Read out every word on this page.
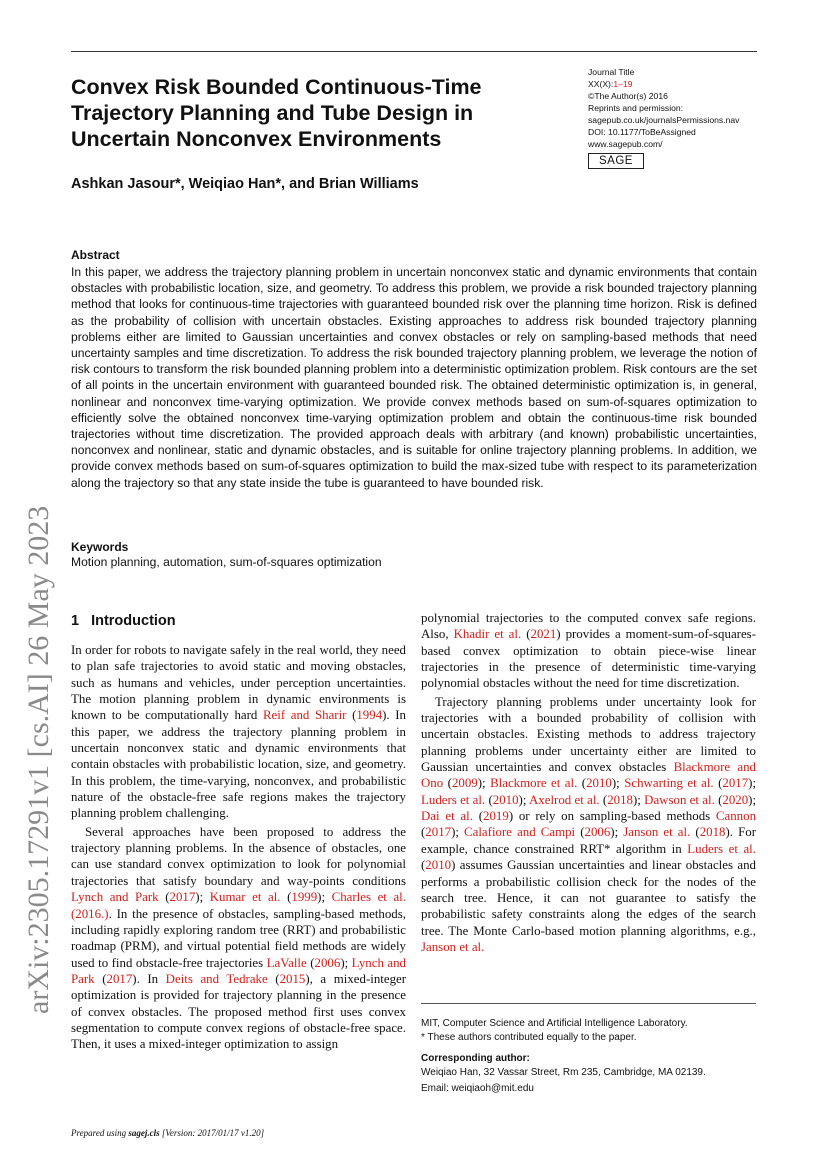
arXiv:2305.17291v1 [cs.AI] 26 May 2023
Convex Risk Bounded Continuous-Time Trajectory Planning and Tube Design in Uncertain Nonconvex Environments
Journal Title
XX(X):1–19
©The Author(s) 2016
Reprints and permission:
sagepub.co.uk/journalsPermissions.nav
DOI: 10.1177/ToBeAssigned
www.sagepub.com/
SAGE
Ashkan Jasour*, Weiqiao Han*, and Brian Williams
Abstract
In this paper, we address the trajectory planning problem in uncertain nonconvex static and dynamic environments that contain obstacles with probabilistic location, size, and geometry. To address this problem, we provide a risk bounded trajectory planning method that looks for continuous-time trajectories with guaranteed bounded risk over the planning time horizon. Risk is defined as the probability of collision with uncertain obstacles. Existing approaches to address risk bounded trajectory planning problems either are limited to Gaussian uncertainties and convex obstacles or rely on sampling-based methods that need uncertainty samples and time discretization. To address the risk bounded trajectory planning problem, we leverage the notion of risk contours to transform the risk bounded planning problem into a deterministic optimization problem. Risk contours are the set of all points in the uncertain environment with guaranteed bounded risk. The obtained deterministic optimization is, in general, nonlinear and nonconvex time-varying optimization. We provide convex methods based on sum-of-squares optimization to efficiently solve the obtained nonconvex time-varying optimization problem and obtain the continuous-time risk bounded trajectories without time discretization. The provided approach deals with arbitrary (and known) probabilistic uncertainties, nonconvex and nonlinear, static and dynamic obstacles, and is suitable for online trajectory planning problems. In addition, we provide convex methods based on sum-of-squares optimization to build the max-sized tube with respect to its parameterization along the trajectory so that any state inside the tube is guaranteed to have bounded risk.
Keywords
Motion planning, automation, sum-of-squares optimization
1 Introduction

In order for robots to navigate safely in the real world, they need to plan safe trajectories to avoid static and moving obstacles, such as humans and vehicles, under perception uncertainties. The motion planning problem in dynamic environments is known to be computationally hard Reif and Sharir (1994). In this paper, we address the trajectory planning problem in uncertain nonconvex static and dynamic environments that contain obstacles with probabilistic location, size, and geometry. In this problem, the time-varying, nonconvex, and probabilistic nature of the obstacle-free safe regions makes the trajectory planning problem challenging.

Several approaches have been proposed to address the trajectory planning problems. In the absence of obstacles, one can use standard convex optimization to look for polynomial trajectories that satisfy boundary and way-points conditions Lynch and Park (2017); Kumar et al. (1999); Charles et al. (2016.). In the presence of obstacles, sampling-based methods, including rapidly exploring random tree (RRT) and probabilistic roadmap (PRM), and virtual potential field methods are widely used to find obstacle-free trajectories LaValle (2006); Lynch and Park (2017). In Deits and Tedrake (2015), a mixed-integer optimization is provided for trajectory planning in the presence of convex obstacles. The proposed method first uses convex segmentation to compute convex regions of obstacle-free space. Then, it uses a mixed-integer optimization to assign

polynomial trajectories to the computed convex safe regions. Also, Khadir et al. (2021) provides a moment-sum-of-squares-based convex optimization to obtain piece-wise linear trajectories in the presence of deterministic time-varying polynomial obstacles without the need for time discretization.

Trajectory planning problems under uncertainty look for trajectories with a bounded probability of collision with uncertain obstacles. Existing methods to address trajectory planning problems under uncertainty either are limited to Gaussian uncertainties and convex obstacles Blackmore and Ono (2009); Blackmore et al. (2010); Schwarting et al. (2017); Luders et al. (2010); Axelrod et al. (2018); Dawson et al. (2020); Dai et al. (2019) or rely on sampling-based methods Cannon (2017); Calafiore and Campi (2006); Janson et al. (2018). For example, chance constrained RRT* algorithm in Luders et al. (2010) assumes Gaussian uncertainties and linear obstacles and performs a probabilistic collision check for the nodes of the search tree. Hence, it can not guarantee to satisfy the probabilistic safety constraints along the edges of the search tree. The Monte Carlo-based motion planning algorithms, e.g., Janson et al.

MIT, Computer Science and Artificial Intelligence Laboratory.
* These authors contributed equally to the paper.
Corresponding author:
Weiqiao Han, 32 Vassar Street, Rm 235, Cambridge, MA 02139.
Email: weiqiaoh@mit.edu
Prepared using sagej.cls [Version: 2017/01/17 v1.20]
